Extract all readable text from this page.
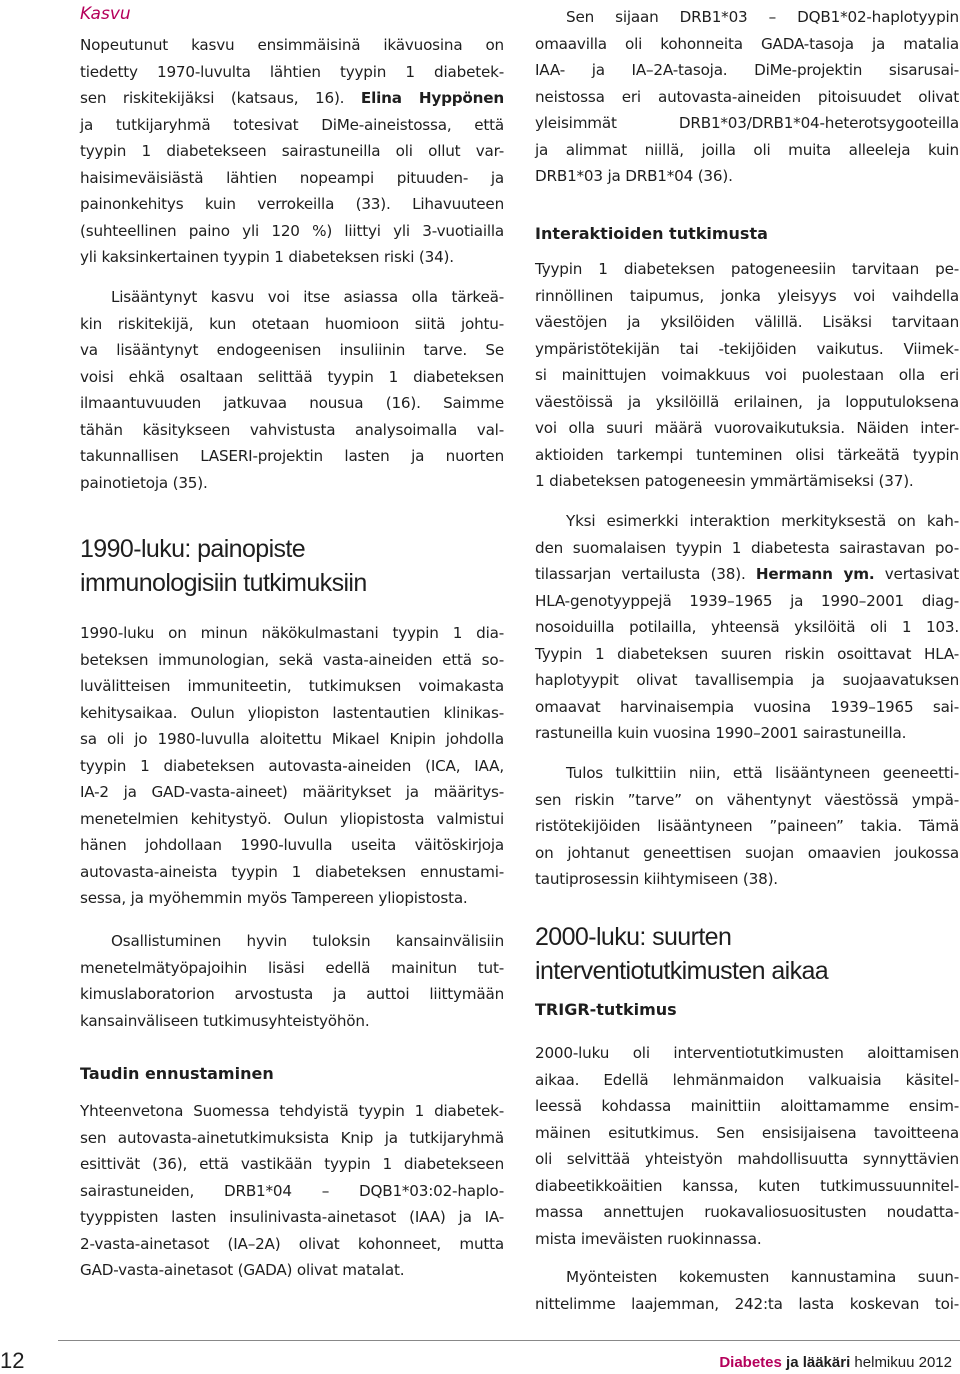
Kasvu

Nopeutunut kasvu ensimmäisinä ikävuosina on

tiedetty 1970-luvulta lähtien tyypin 1 diabetek-

sen riskitekijäksi (katsaus, 16). Elina Hyppönen

ja tutkijaryhmä totesivat DiMe-aineistossa, että

tyypin 1 diabetekseen sairastuneilla oli ollut var-

haisimeväisiästä lähtien nopeampi pituuden- ja

painonkehitys kuin verrokeilla (33). Lihavuuteen

(suhteellinen paino yli 120 %) liittyi yli 3-vuotiailla

yli kaksinkertainen tyypin 1 diabeteksen riski (34).

Lisääntynyt kasvu voi itse asiassa olla tärkeä-

kin riskitekijä, kun otetaan huomioon siitä johtu-

va lisääntynyt endogeenisen insuliinin tarve. Se

voisi ehkä osaltaan selittää tyypin 1 diabeteksen

ilmaantuvuuden jatkuvaa nousua (16). Saimme

tähän käsitykseen vahvistusta analysoimalla val-

takunnallisen LASERI-projektin lasten ja nuorten

painotietoja (35).

1990-luku: painopiste
immunologisiin tutkimuksiin

1990-luku on minun näkökulmastani tyypin 1 dia-

beteksen immunologian, sekä vasta-aineiden että so-

luvälitteisen immuniteetin, tutkimuksen voimakasta

kehitysaikaa. Oulun yliopiston lastentautien klinikas-

sa oli jo 1980-luvulla aloitettu Mikael Knipin johdolla

tyypin 1 diabeteksen autovasta-aineiden (ICA, IAA,

IA-2 ja GAD-vasta-aineet) määritykset ja määritys-

menetelmien kehitystyö. Oulun yliopistosta valmistui

hänen johdollaan 1990-luvulla useita väitöskirjoja

autovasta-aineista tyypin 1 diabeteksen ennustami-

sessa, ja myöhemmin myös Tampereen yliopistosta.

Osallistuminen hyvin tuloksin kansainvälisiin

menetelmätyöpajoihin lisäsi edellä mainitun tut-

kimuslaboratorion arvostusta ja auttoi liittymään

kansainväliseen tutkimusyhteistyöhön.

Taudin ennustaminen

Yhteenvetona Suomessa tehdyistä tyypin 1 diabetek-

sen autovasta-ainetutkimuksista Knip ja tutkijaryhmä

esittivät (36), että vastikään tyypin 1 diabetekseen

sairastuneiden, DRB1*04 – DQB1*03:02-haplo-

tyyppisten lasten insulinivasta-ainetasot (IAA) ja IA-

2-vasta-ainetasot (IA–2A) olivat kohonneet, mutta

GAD-vasta-ainetasot (GADA) olivat matalat.

Sen sijaan DRB1*03 – DQB1*02-haplotyypin

omaavilla oli kohonneita GADA-tasoja ja matalia

IAA- ja IA–2A-tasoja. DiMe-projektin sisarusai-

neistossa eri autovasta-aineiden pitoisuudet olivat

yleisimmät DRB1*03/DRB1*04-heterotsygooteilla

ja alimmat niillä, joilla oli muita alleeleja kuin

DRB1*03 ja DRB1*04 (36).

Interaktioiden tutkimusta

Tyypin 1 diabeteksen patogeneesiin tarvitaan pe-

rinnöllinen taipumus, jonka yleisyys voi vaihdella

väestöjen ja yksilöiden välillä. Lisäksi tarvitaan

ympäristötekijän tai -tekijöiden vaikutus. Viimek-

si mainittujen voimakkuus voi puolestaan olla eri

väestöissä ja yksilöillä erilainen, ja lopputuloksena

voi olla suuri määrä vuorovaikutuksia. Näiden inter-

aktioiden tarkempi tunteminen olisi tärkeätä tyypin

1 diabeteksen patogeneesin ymmärtämiseksi (37).

Yksi esimerkki interaktion merkityksestä on kah-

den suomalaisen tyypin 1 diabetesta sairastavan po-

tilassarjan vertailusta (38). Hermann ym. vertasivat

HLA-genotyyppejä 1939–1965 ja 1990–2001 diag-

nosoiduilla potilailla, yhteensä yksilöitä oli 1 103.

Tyypin 1 diabeteksen suuren riskin osoittavat HLA-

haplotyypit olivat tavallisempia ja suojaavatuksen

omaavat harvinaisempia vuosina 1939–1965 sai-

rastuneilla kuin vuosina 1990–2001 sairastuneilla.

Tulos tulkittiin niin, että lisääntyneen geeneetti-

sen riskin ”tarve” on vähentynyt väestössä ympä-

ristötekijöiden lisääntyneen ”paineen” takia. Tämä

on johtanut geneettisen suojan omaavien joukossa

tautiprosessin kiihtymiseen (38).

2000-luku: suurten
interventiotutkimusten aikaa
TRIGR-tutkimus

2000-luku oli interventiotutkimusten aloittamisen

aikaa. Edellä lehmänmaidon valkuaisia käsitel-

leessä kohdassa mainittiin aloittamamme ensim-

mäinen esitutkimus. Sen ensisijaisena tavoitteena

oli selvittää yhteistyön mahdollisuutta synnyttävien

diabeetikkoäitien kanssa, kuten tutkimussuunnitel-

massa annettujen ruokavaliosuositusten noudatta-

mista imeväisten ruokinnassa.

Myönteisten kokemusten kannustamina suun-

nittelimme laajemman, 242:ta lasta koskevan toi-

12	Diabetes ja lääkäri helmikuu 2012
